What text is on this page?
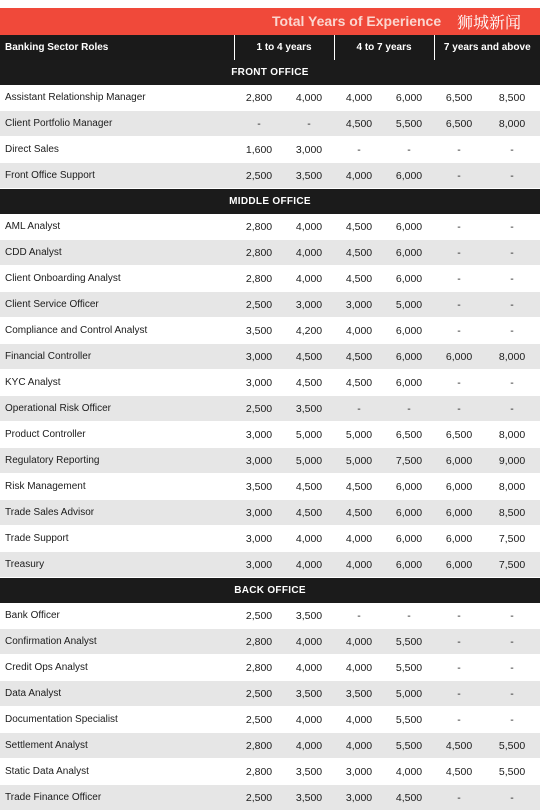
Total Years of Experience 狮城新闻
Banking Sector Roles	1 to 4 years		4 to 7 years		7 years and above	
FRONT OFFICE						
Assistant Relationship Manager	2,800	4,000	4,000	6,000	6,500	8,500
Client Portfolio Manager	-	-	4,500	5,500	6,500	8,000
Direct Sales	1,600	3,000	-	-	-	-
Front Office Support	2,500	3,500	4,000	6,000	-	-
MIDDLE OFFICE						
AML Analyst	2,800	4,000	4,500	6,000	-	-
CDD Analyst	2,800	4,000	4,500	6,000	-	-
Client Onboarding Analyst	2,800	4,000	4,500	6,000	-	-
Client Service Officer	2,500	3,000	3,000	5,000	-	-
Compliance and Control Analyst	3,500	4,200	4,000	6,000	-	-
Financial Controller	3,000	4,500	4,500	6,000	6,000	8,000
KYC Analyst	3,000	4,500	4,500	6,000	-	-
Operational Risk Officer	2,500	3,500	-	-	-	-
Product Controller	3,000	5,000	5,000	6,500	6,500	8,000
Regulatory Reporting	3,000	5,000	5,000	7,500	6,000	9,000
Risk Management	3,500	4,500	4,500	6,000	6,000	8,000
Trade Sales Advisor	3,000	4,500	4,500	6,000	6,000	8,500
Trade Support	3,000	4,000	4,000	6,000	6,000	7,500
Treasury	3,000	4,000	4,000	6,000	6,000	7,500
BACK OFFICE						
Bank Officer	2,500	3,500	-	-	-	-
Confirmation Analyst	2,800	4,000	4,000	5,500	-	-
Credit Ops Analyst	2,800	4,000	4,000	5,500	-	-
Data Analyst	2,500	3,500	3,500	5,000	-	-
Documentation Specialist	2,500	4,000	4,000	5,500	-	-
Settlement Analyst	2,800	4,000	4,000	5,500	4,500	5,500
Static Data Analyst	2,800	3,500	3,000	4,000	4,500	5,500
Trade Finance Officer	2,500	3,500	3,000	4,500	-	-
